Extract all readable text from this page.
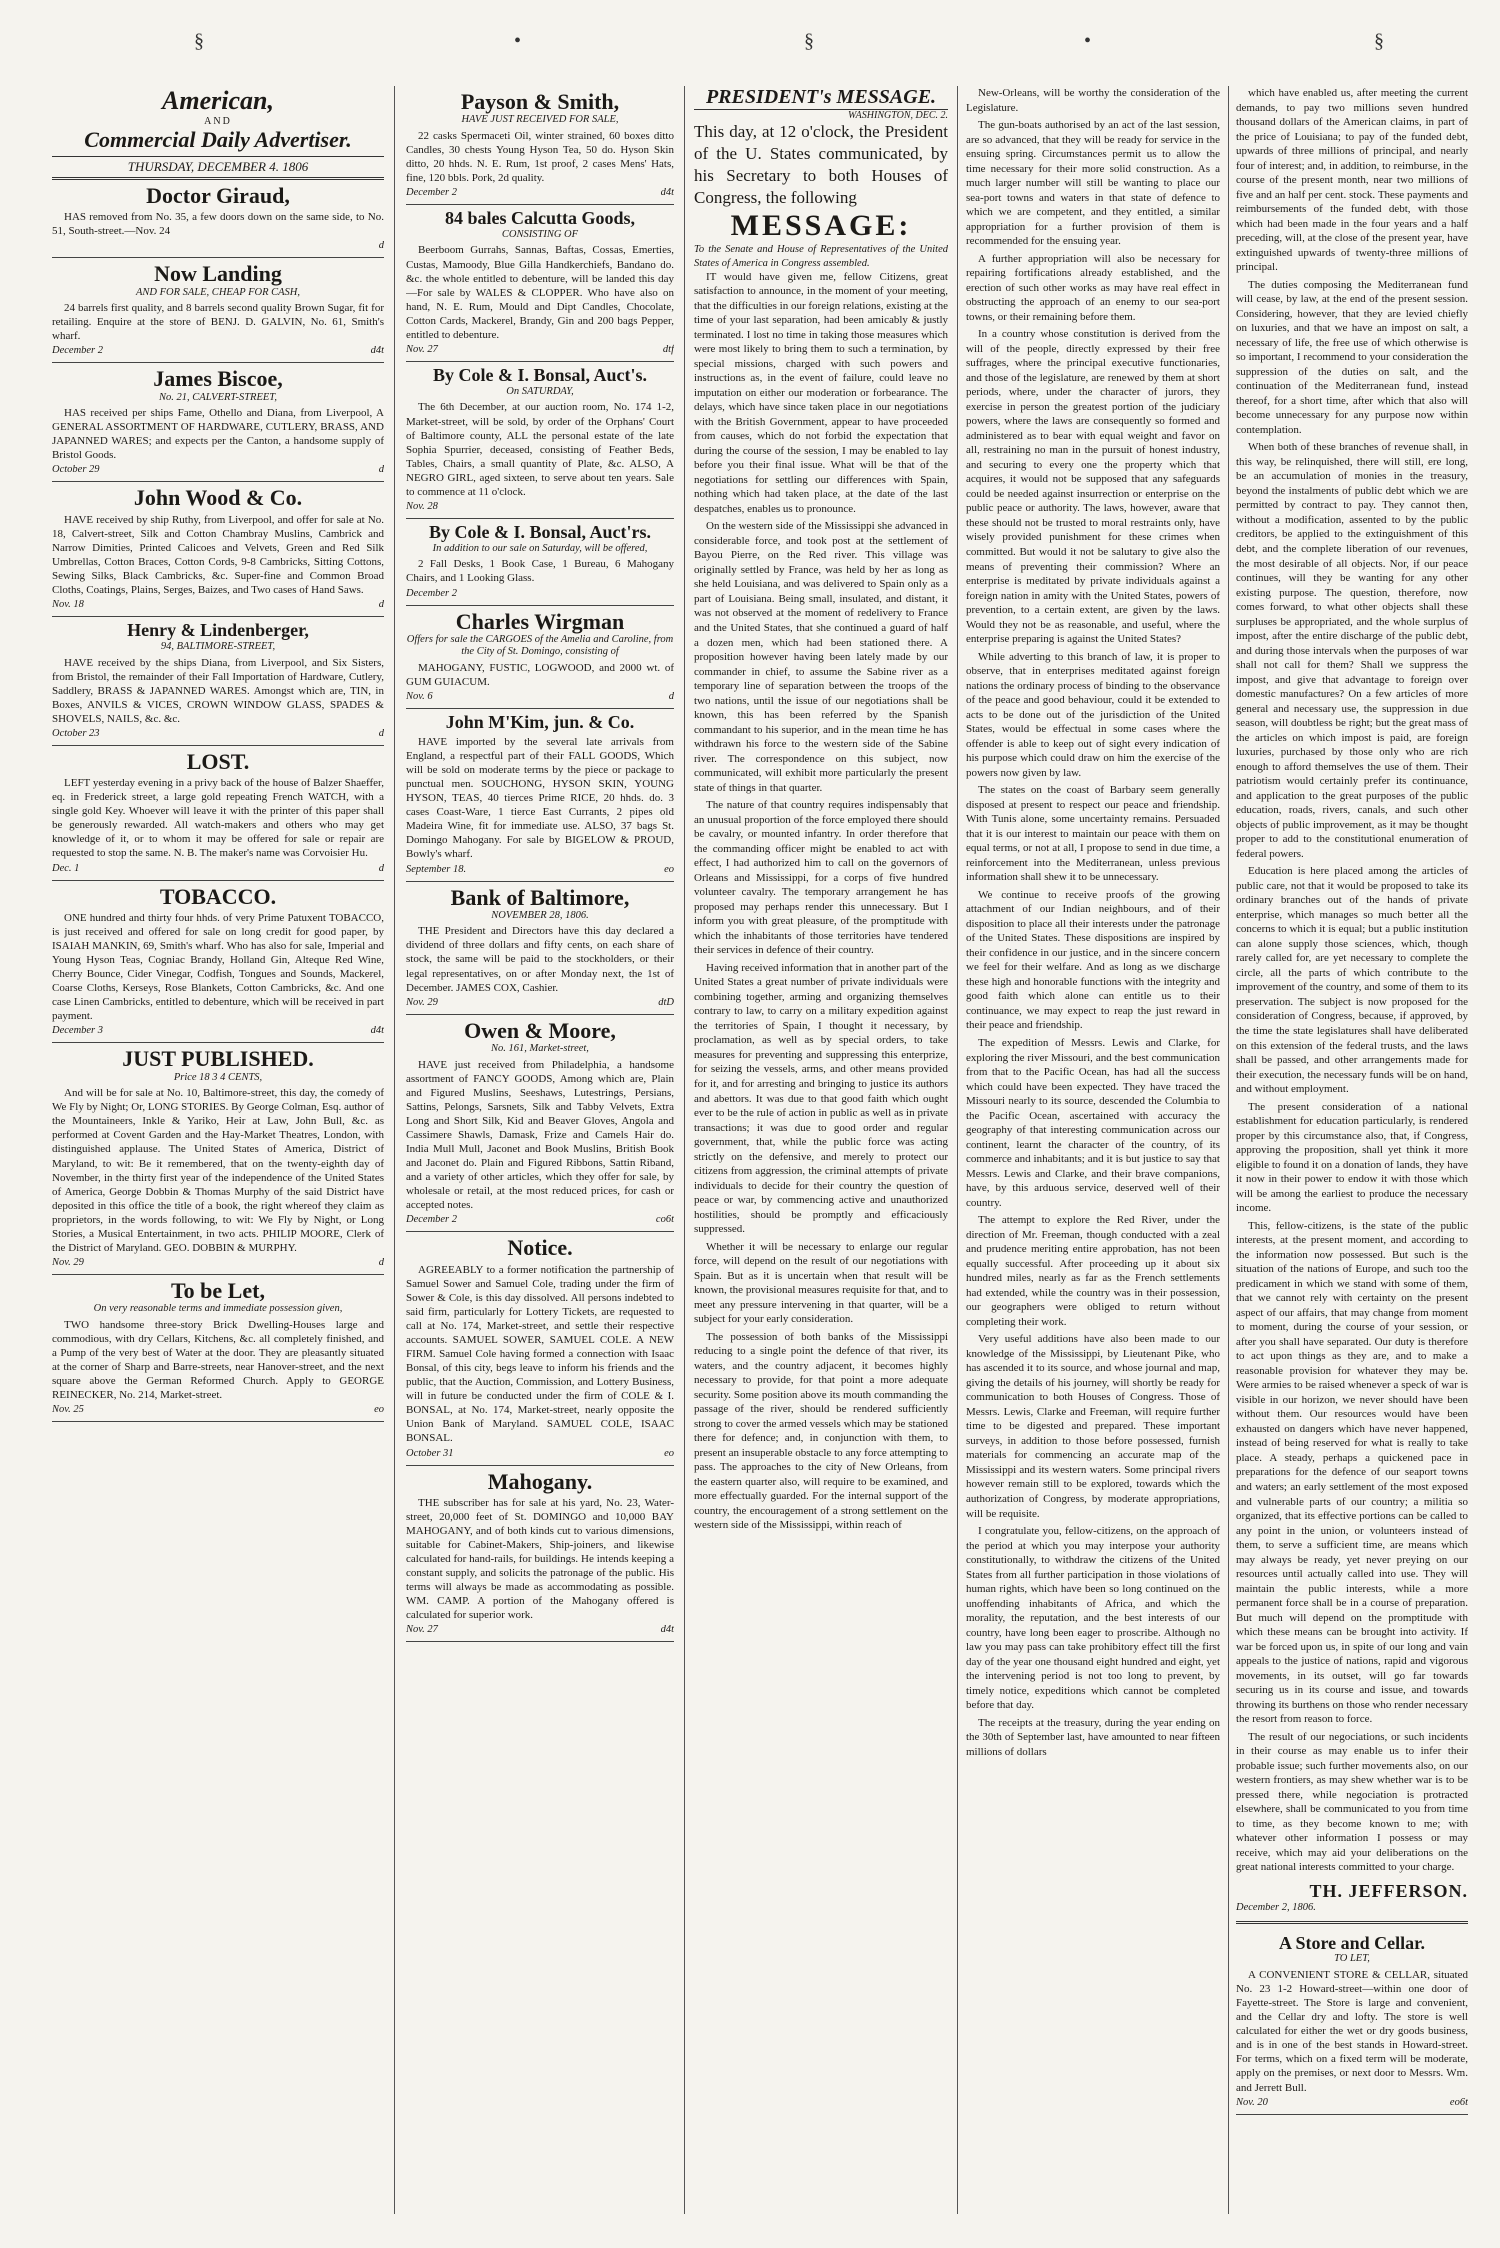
§	•	§	•	§
American,
AND
Commercial Daily Advertiser.
THURSDAY, DECEMBER 4. 1806
Doctor Giraud,
HAS removed from No. 35, a few doors down on the same side, to No. 51, South-street.—Nov. 24
d
Now Landing
AND FOR SALE, CHEAP FOR CASH,
24 barrels first quality, and 8 barrels second quality Brown Sugar, fit for retailing. Enquire at the store of BENJ. D. GALVIN, No. 61, Smith's wharf.
December 2	d4t
James Biscoe,
No. 21, CALVERT-STREET,
HAS received per ships Fame, Othello and Diana, from Liverpool, A GENERAL ASSORTMENT OF HARDWARE, CUTLERY, BRASS, AND JAPANNED WARES; and expects per the Canton, a handsome supply of Bristol Goods.
October 29	d
John Wood & Co.
HAVE received by ship Ruthy, from Liverpool, and offer for sale at No. 18, Calvert-street, Silk and Cotton Chambray Muslins, Cambrick and Narrow Dimities, Printed Calicoes and Velvets, Green and Red Silk Umbrellas, Cotton Braces, Cotton Cords, 9-8 Cambricks, Sitting Cottons, Sewing Silks, Black Cambricks, &c. Super-fine and Common Broad Cloths, Coatings, Plains, Serges, Baizes, and Two cases of Hand Saws.
Nov. 18	d
Henry & Lindenberger,
94, BALTIMORE-STREET,
HAVE received by the ships Diana, from Liverpool, and Six Sisters, from Bristol, the remainder of their Fall Importation of Hardware, Cutlery, Saddlery, BRASS & JAPANNED WARES. Amongst which are, TIN, in Boxes, ANVILS & VICES, CROWN WINDOW GLASS, SPADES & SHOVELS, NAILS, &c. &c.
October 23	d
LOST.
LEFT yesterday evening in a privy back of the house of Balzer Shaeffer, eq. in Frederick street, a large gold repeating French WATCH, with a single gold Key. Whoever will leave it with the printer of this paper shall be generously rewarded. All watch-makers and others who may get knowledge of it, or to whom it may be offered for sale or repair are requested to stop the same. N. B. The maker's name was Corvoisier Hu.
Dec. 1	d
TOBACCO.
ONE hundred and thirty four hhds. of very Prime Patuxent TOBACCO, is just received and offered for sale on long credit for good paper, by ISAIAH MANKIN, 69, Smith's wharf. Who has also for sale, Imperial and Young Hyson Teas, Cogniac Brandy, Holland Gin, Alteque Red Wine, Cherry Bounce, Cider Vinegar, Codfish, Tongues and Sounds, Mackerel, Coarse Cloths, Kerseys, Rose Blankets, Cotton Cambricks, &c. And one case Linen Cambricks, entitled to debenture, which will be received in part payment.
December 3	d4t
JUST PUBLISHED.
Price 18 3 4 CENTS,
And will be for sale at No. 10, Baltimore-street, this day, the comedy of We Fly by Night; Or, LONG STORIES. By George Colman, Esq. author of the Mountaineers, Inkle & Yariko, Heir at Law, John Bull, &c. as performed at Covent Garden and the Hay-Market Theatres, London, with distinguished applause. The United States of America, District of Maryland, to wit: Be it remembered, that on the twenty-eighth day of November, in the thirty first year of the independence of the United States of America, George Dobbin & Thomas Murphy of the said District have deposited in this office the title of a book, the right whereof they claim as proprietors, in the words following, to wit: We Fly by Night, or Long Stories, a Musical Entertainment, in two acts. PHILIP MOORE, Clerk of the District of Maryland. GEO. DOBBIN & MURPHY.
Nov. 29	d
To be Let,
On very reasonable terms and immediate possession given,
TWO handsome three-story Brick Dwelling-Houses large and commodious, with dry Cellars, Kitchens, &c. all completely finished, and a Pump of the very best of Water at the door. They are pleasantly situated at the corner of Sharp and Barre-streets, near Hanover-street, and the next square above the German Reformed Church. Apply to GEORGE REINECKER, No. 214, Market-street.
Nov. 25	eo
Payson & Smith,
HAVE JUST RECEIVED FOR SALE,
22 casks Spermaceti Oil, winter strained, 60 boxes ditto Candles, 30 chests Young Hyson Tea, 50 do. Hyson Skin ditto, 20 hhds. N. E. Rum, 1st proof, 2 cases Mens' Hats, fine, 120 bbls. Pork, 2d quality.
December 2	d4t
84 bales Calcutta Goods,
CONSISTING OF
Beerboom Gurrahs, Sannas, Baftas, Cossas, Emerties, Custas, Mamoody, Blue Gilla Handkerchiefs, Bandano do. &c. the whole entitled to debenture, will be landed this day—For sale by WALES & CLOPPER. Who have also on hand, N. E. Rum, Mould and Dipt Candles, Chocolate, Cotton Cards, Mackerel, Brandy, Gin and 200 bags Pepper, entitled to debenture.
Nov. 27	dtf
By Cole & I. Bonsal, Auct's.
On SATURDAY,
The 6th December, at our auction room, No. 174 1-2, Market-street, will be sold, by order of the Orphans' Court of Baltimore county, ALL the personal estate of the late Sophia Spurrier, deceased, consisting of Feather Beds, Tables, Chairs, a small quantity of Plate, &c. ALSO, A NEGRO GIRL, aged sixteen, to serve about ten years. Sale to commence at 11 o'clock.
Nov. 28
By Cole & I. Bonsal, Auct'rs.
In addition to our sale on Saturday, will be offered,
2 Fall Desks, 1 Book Case, 1 Bureau, 6 Mahogany Chairs, and 1 Looking Glass.
December 2
Charles Wirgman
Offers for sale the CARGOES of the Amelia and Caroline, from the City of St. Domingo, consisting of
MAHOGANY, FUSTIC, LOGWOOD, and 2000 wt. of GUM GUIACUM.
Nov. 6	d
John M'Kim, jun. & Co.
HAVE imported by the several late arrivals from England, a respectful part of their FALL GOODS, Which will be sold on moderate terms by the piece or package to punctual men. SOUCHONG, HYSON SKIN, YOUNG HYSON, TEAS, 40 tierces Prime RICE, 20 hhds. do. 3 cases Coast-Ware, 1 tierce East Currants, 2 pipes old Madeira Wine, fit for immediate use. ALSO, 37 bags St. Domingo Mahogany. For sale by BIGELOW & PROUD, Bowly's wharf.
September 18.	eo
Bank of Baltimore,
NOVEMBER 28, 1806.
THE President and Directors have this day declared a dividend of three dollars and fifty cents, on each share of stock, the same will be paid to the stockholders, or their legal representatives, on or after Monday next, the 1st of December. JAMES COX, Cashier.
Nov. 29	dtD
Owen & Moore,
No. 161, Market-street,
HAVE just received from Philadelphia, a handsome assortment of FANCY GOODS, Among which are, Plain and Figured Muslins, Seeshaws, Lutestrings, Persians, Sattins, Pelongs, Sarsnets, Silk and Tabby Velvets, Extra Long and Short Silk, Kid and Beaver Gloves, Angola and Cassimere Shawls, Damask, Frize and Camels Hair do. India Mull Mull, Jaconet and Book Muslins, British Book and Jaconet do. Plain and Figured Ribbons, Sattin Riband, and a variety of other articles, which they offer for sale, by wholesale or retail, at the most reduced prices, for cash or accepted notes.
December 2	co6t
Notice.
AGREEABLY to a former notification the partnership of Samuel Sower and Samuel Cole, trading under the firm of Sower & Cole, is this day dissolved. All persons indebted to said firm, particularly for Lottery Tickets, are requested to call at No. 174, Market-street, and settle their respective accounts. SAMUEL SOWER, SAMUEL COLE. A NEW FIRM. Samuel Cole having formed a connection with Isaac Bonsal, of this city, begs leave to inform his friends and the public, that the Auction, Commission, and Lottery Business, will in future be conducted under the firm of COLE & I. BONSAL, at No. 174, Market-street, nearly opposite the Union Bank of Maryland. SAMUEL COLE, ISAAC BONSAL.
October 31	eo
Mahogany.
THE subscriber has for sale at his yard, No. 23, Water-street, 20,000 feet of St. DOMINGO and 10,000 BAY MAHOGANY, and of both kinds cut to various dimensions, suitable for Cabinet-Makers, Ship-joiners, and likewise calculated for hand-rails, for buildings. He intends keeping a constant supply, and solicits the patronage of the public. His terms will always be made as accommodating as possible. WM. CAMP. A portion of the Mahogany offered is calculated for superior work.
Nov. 27	d4t
PRESIDENT's MESSAGE.
WASHINGTON, DEC. 2.
This day, at 12 o'clock, the President of the U. States communicated, by his Secretary to both Houses of Congress, the following
MESSAGE:
To the Senate and House of Representatives of the United States of America in Congress assembled.
IT would have given me, fellow Citizens, great satisfaction to announce, in the moment of your meeting, that the difficulties in our foreign relations, existing at the time of your last separation, had been amicably & justly terminated. I lost no time in taking those measures which were most likely to bring them to such a termination, by special missions, charged with such powers and instructions as, in the event of failure, could leave no imputation on either our moderation or forbearance. The delays, which have since taken place in our negotiations with the British Government, appear to have proceeded from causes, which do not forbid the expectation that during the course of the session, I may be enabled to lay before you their final issue. What will be that of the negotiations for settling our differences with Spain, nothing which had taken place, at the date of the last despatches, enables us to pronounce.
On the western side of the Mississippi she advanced in considerable force, and took post at the settlement of Bayou Pierre, on the Red river. This village was originally settled by France, was held by her as long as she held Louisiana, and was delivered to Spain only as a part of Louisiana. Being small, insulated, and distant, it was not observed at the moment of redelivery to France and the United States, that she continued a guard of half a dozen men, which had been stationed there. A proposition however having been lately made by our commander in chief, to assume the Sabine river as a temporary line of separation between the troops of the two nations, until the issue of our negotiations shall be known, this has been referred by the Spanish commandant to his superior, and in the mean time he has withdrawn his force to the western side of the Sabine river. The correspondence on this subject, now communicated, will exhibit more particularly the present state of things in that quarter.
The nature of that country requires indispensably that an unusual proportion of the force employed there should be cavalry, or mounted infantry. In order therefore that the commanding officer might be enabled to act with effect, I had authorized him to call on the governors of Orleans and Mississippi, for a corps of five hundred volunteer cavalry. The temporary arrangement he has proposed may perhaps render this unnecessary. But I inform you with great pleasure, of the promptitude with which the inhabitants of those territories have tendered their services in defence of their country.
Having received information that in another part of the United States a great number of private individuals were combining together, arming and organizing themselves contrary to law, to carry on a military expedition against the territories of Spain, I thought it necessary, by proclamation, as well as by special orders, to take measures for preventing and suppressing this enterprize, for seizing the vessels, arms, and other means provided for it, and for arresting and bringing to justice its authors and abettors. It was due to that good faith which ought ever to be the rule of action in public as well as in private transactions; it was due to good order and regular government, that, while the public force was acting strictly on the defensive, and merely to protect our citizens from aggression, the criminal attempts of private individuals to decide for their country the question of peace or war, by commencing active and unauthorized hostilities, should be promptly and efficaciously suppressed.
Whether it will be necessary to enlarge our regular force, will depend on the result of our negotiations with Spain. But as it is uncertain when that result will be known, the provisional measures requisite for that, and to meet any pressure intervening in that quarter, will be a subject for your early consideration.
The possession of both banks of the Mississippi reducing to a single point the defence of that river, its waters, and the country adjacent, it becomes highly necessary to provide, for that point a more adequate security. Some position above its mouth commanding the passage of the river, should be rendered sufficiently strong to cover the armed vessels which may be stationed there for defence; and, in conjunction with them, to present an insuperable obstacle to any force attempting to pass. The approaches to the city of New Orleans, from the eastern quarter also, will require to be examined, and more effectually guarded. For the internal support of the country, the encouragement of a strong settlement on the western side of the Mississippi, within reach of
New-Orleans, will be worthy the consideration of the Legislature.
The gun-boats authorised by an act of the last session, are so advanced, that they will be ready for service in the ensuing spring. Circumstances permit us to allow the time necessary for their more solid construction. As a much larger number will still be wanting to place our sea-port towns and waters in that state of defence to which we are competent, and they entitled, a similar appropriation for a further provision of them is recommended for the ensuing year.
A further appropriation will also be necessary for repairing fortifications already established, and the erection of such other works as may have real effect in obstructing the approach of an enemy to our sea-port towns, or their remaining before them.
In a country whose constitution is derived from the will of the people, directly expressed by their free suffrages, where the principal executive functionaries, and those of the legislature, are renewed by them at short periods, where, under the character of jurors, they exercise in person the greatest portion of the judiciary powers, where the laws are consequently so formed and administered as to bear with equal weight and favor on all, restraining no man in the pursuit of honest industry, and securing to every one the property which that acquires, it would not be supposed that any safeguards could be needed against insurrection or enterprise on the public peace or authority. The laws, however, aware that these should not be trusted to moral restraints only, have wisely provided punishment for these crimes when committed. But would it not be salutary to give also the means of preventing their commission? Where an enterprise is meditated by private individuals against a foreign nation in amity with the United States, powers of prevention, to a certain extent, are given by the laws. Would they not be as reasonable, and useful, where the enterprise preparing is against the United States?
While adverting to this branch of law, it is proper to observe, that in enterprises meditated against foreign nations the ordinary process of binding to the observance of the peace and good behaviour, could it be extended to acts to be done out of the jurisdiction of the United States, would be effectual in some cases where the offender is able to keep out of sight every indication of his purpose which could draw on him the exercise of the powers now given by law.
The states on the coast of Barbary seem generally disposed at present to respect our peace and friendship. With Tunis alone, some uncertainty remains. Persuaded that it is our interest to maintain our peace with them on equal terms, or not at all, I propose to send in due time, a reinforcement into the Mediterranean, unless previous information shall shew it to be unnecessary.
We continue to receive proofs of the growing attachment of our Indian neighbours, and of their disposition to place all their interests under the patronage of the United States. These dispositions are inspired by their confidence in our justice, and in the sincere concern we feel for their welfare. And as long as we discharge these high and honorable functions with the integrity and good faith which alone can entitle us to their continuance, we may expect to reap the just reward in their peace and friendship.
The expedition of Messrs. Lewis and Clarke, for exploring the river Missouri, and the best communication from that to the Pacific Ocean, has had all the success which could have been expected. They have traced the Missouri nearly to its source, descended the Columbia to the Pacific Ocean, ascertained with accuracy the geography of that interesting communication across our continent, learnt the character of the country, of its commerce and inhabitants; and it is but justice to say that Messrs. Lewis and Clarke, and their brave companions, have, by this arduous service, deserved well of their country.
The attempt to explore the Red River, under the direction of Mr. Freeman, though conducted with a zeal and prudence meriting entire approbation, has not been equally successful. After proceeding up it about six hundred miles, nearly as far as the French settlements had extended, while the country was in their possession, our geographers were obliged to return without completing their work.
Very useful additions have also been made to our knowledge of the Mississippi, by Lieutenant Pike, who has ascended it to its source, and whose journal and map, giving the details of his journey, will shortly be ready for communication to both Houses of Congress. Those of Messrs. Lewis, Clarke and Freeman, will require further time to be digested and prepared. These important surveys, in addition to those before possessed, furnish materials for commencing an accurate map of the Mississippi and its western waters. Some principal rivers however remain still to be explored, towards which the authorization of Congress, by moderate appropriations, will be requisite.
I congratulate you, fellow-citizens, on the approach of the period at which you may interpose your authority constitutionally, to withdraw the citizens of the United States from all further participation in those violations of human rights, which have been so long continued on the unoffending inhabitants of Africa, and which the morality, the reputation, and the best interests of our country, have long been eager to proscribe. Although no law you may pass can take prohibitory effect till the first day of the year one thousand eight hundred and eight, yet the intervening period is not too long to prevent, by timely notice, expeditions which cannot be completed before that day.
The receipts at the treasury, during the year ending on the 30th of September last, have amounted to near fifteen millions of dollars
which have enabled us, after meeting the current demands, to pay two millions seven hundred thousand dollars of the American claims, in part of the price of Louisiana; to pay of the funded debt, upwards of three millions of principal, and nearly four of interest; and, in addition, to reimburse, in the course of the present month, near two millions of five and an half per cent. stock. These payments and reimbursements of the funded debt, with those which had been made in the four years and a half preceding, will, at the close of the present year, have extinguished upwards of twenty-three millions of principal.
The duties composing the Mediterranean fund will cease, by law, at the end of the present session. Considering, however, that they are levied chiefly on luxuries, and that we have an impost on salt, a necessary of life, the free use of which otherwise is so important, I recommend to your consideration the suppression of the duties on salt, and the continuation of the Mediterranean fund, instead thereof, for a short time, after which that also will become unnecessary for any purpose now within contemplation.
When both of these branches of revenue shall, in this way, be relinquished, there will still, ere long, be an accumulation of monies in the treasury, beyond the instalments of public debt which we are permitted by contract to pay. They cannot then, without a modification, assented to by the public creditors, be applied to the extinguishment of this debt, and the complete liberation of our revenues, the most desirable of all objects. Nor, if our peace continues, will they be wanting for any other existing purpose. The question, therefore, now comes forward, to what other objects shall these surpluses be appropriated, and the whole surplus of impost, after the entire discharge of the public debt, and during those intervals when the purposes of war shall not call for them? Shall we suppress the impost, and give that advantage to foreign over domestic manufactures? On a few articles of more general and necessary use, the suppression in due season, will doubtless be right; but the great mass of the articles on which impost is paid, are foreign luxuries, purchased by those only who are rich enough to afford themselves the use of them. Their patriotism would certainly prefer its continuance, and application to the great purposes of the public education, roads, rivers, canals, and such other objects of public improvement, as it may be thought proper to add to the constitutional enumeration of federal powers.
Education is here placed among the articles of public care, not that it would be proposed to take its ordinary branches out of the hands of private enterprise, which manages so much better all the concerns to which it is equal; but a public institution can alone supply those sciences, which, though rarely called for, are yet necessary to complete the circle, all the parts of which contribute to the improvement of the country, and some of them to its preservation. The subject is now proposed for the consideration of Congress, because, if approved, by the time the state legislatures shall have deliberated on this extension of the federal trusts, and the laws shall be passed, and other arrangements made for their execution, the necessary funds will be on hand, and without employment.
The present consideration of a national establishment for education particularly, is rendered proper by this circumstance also, that, if Congress, approving the proposition, shall yet think it more eligible to found it on a donation of lands, they have it now in their power to endow it with those which will be among the earliest to produce the necessary income.
This, fellow-citizens, is the state of the public interests, at the present moment, and according to the information now possessed. But such is the situation of the nations of Europe, and such too the predicament in which we stand with some of them, that we cannot rely with certainty on the present aspect of our affairs, that may change from moment to moment, during the course of your session, or after you shall have separated. Our duty is therefore to act upon things as they are, and to make a reasonable provision for whatever they may be. Were armies to be raised whenever a speck of war is visible in our horizon, we never should have been without them. Our resources would have been exhausted on dangers which have never happened, instead of being reserved for what is really to take place. A steady, perhaps a quickened pace in preparations for the defence of our seaport towns and waters; an early settlement of the most exposed and vulnerable parts of our country; a militia so organized, that its effective portions can be called to any point in the union, or volunteers instead of them, to serve a sufficient time, are means which may always be ready, yet never preying on our resources until actually called into use. They will maintain the public interests, while a more permanent force shall be in a course of preparation. But much will depend on the promptitude with which these means can be brought into activity. If war be forced upon us, in spite of our long and vain appeals to the justice of nations, rapid and vigorous movements, in its outset, will go far towards securing us in its course and issue, and towards throwing its burthens on those who render necessary the resort from reason to force.
The result of our negociations, or such incidents in their course as may enable us to infer their probable issue; such further movements also, on our western frontiers, as may shew whether war is to be pressed there, while negociation is protracted elsewhere, shall be communicated to you from time to time, as they become known to me; with whatever other information I possess or may receive, which may aid your deliberations on the great national interests committed to your charge.
TH. JEFFERSON.
December 2, 1806.
A Store and Cellar.
TO LET,
A CONVENIENT STORE & CELLAR, situated No. 23 1-2 Howard-street—within one door of Fayette-street. The Store is large and convenient, and the Cellar dry and lofty. The store is well calculated for either the wet or dry goods business, and is in one of the best stands in Howard-street. For terms, which on a fixed term will be moderate, apply on the premises, or next door to Messrs. Wm. and Jerrett Bull.
Nov. 20	eo6t
